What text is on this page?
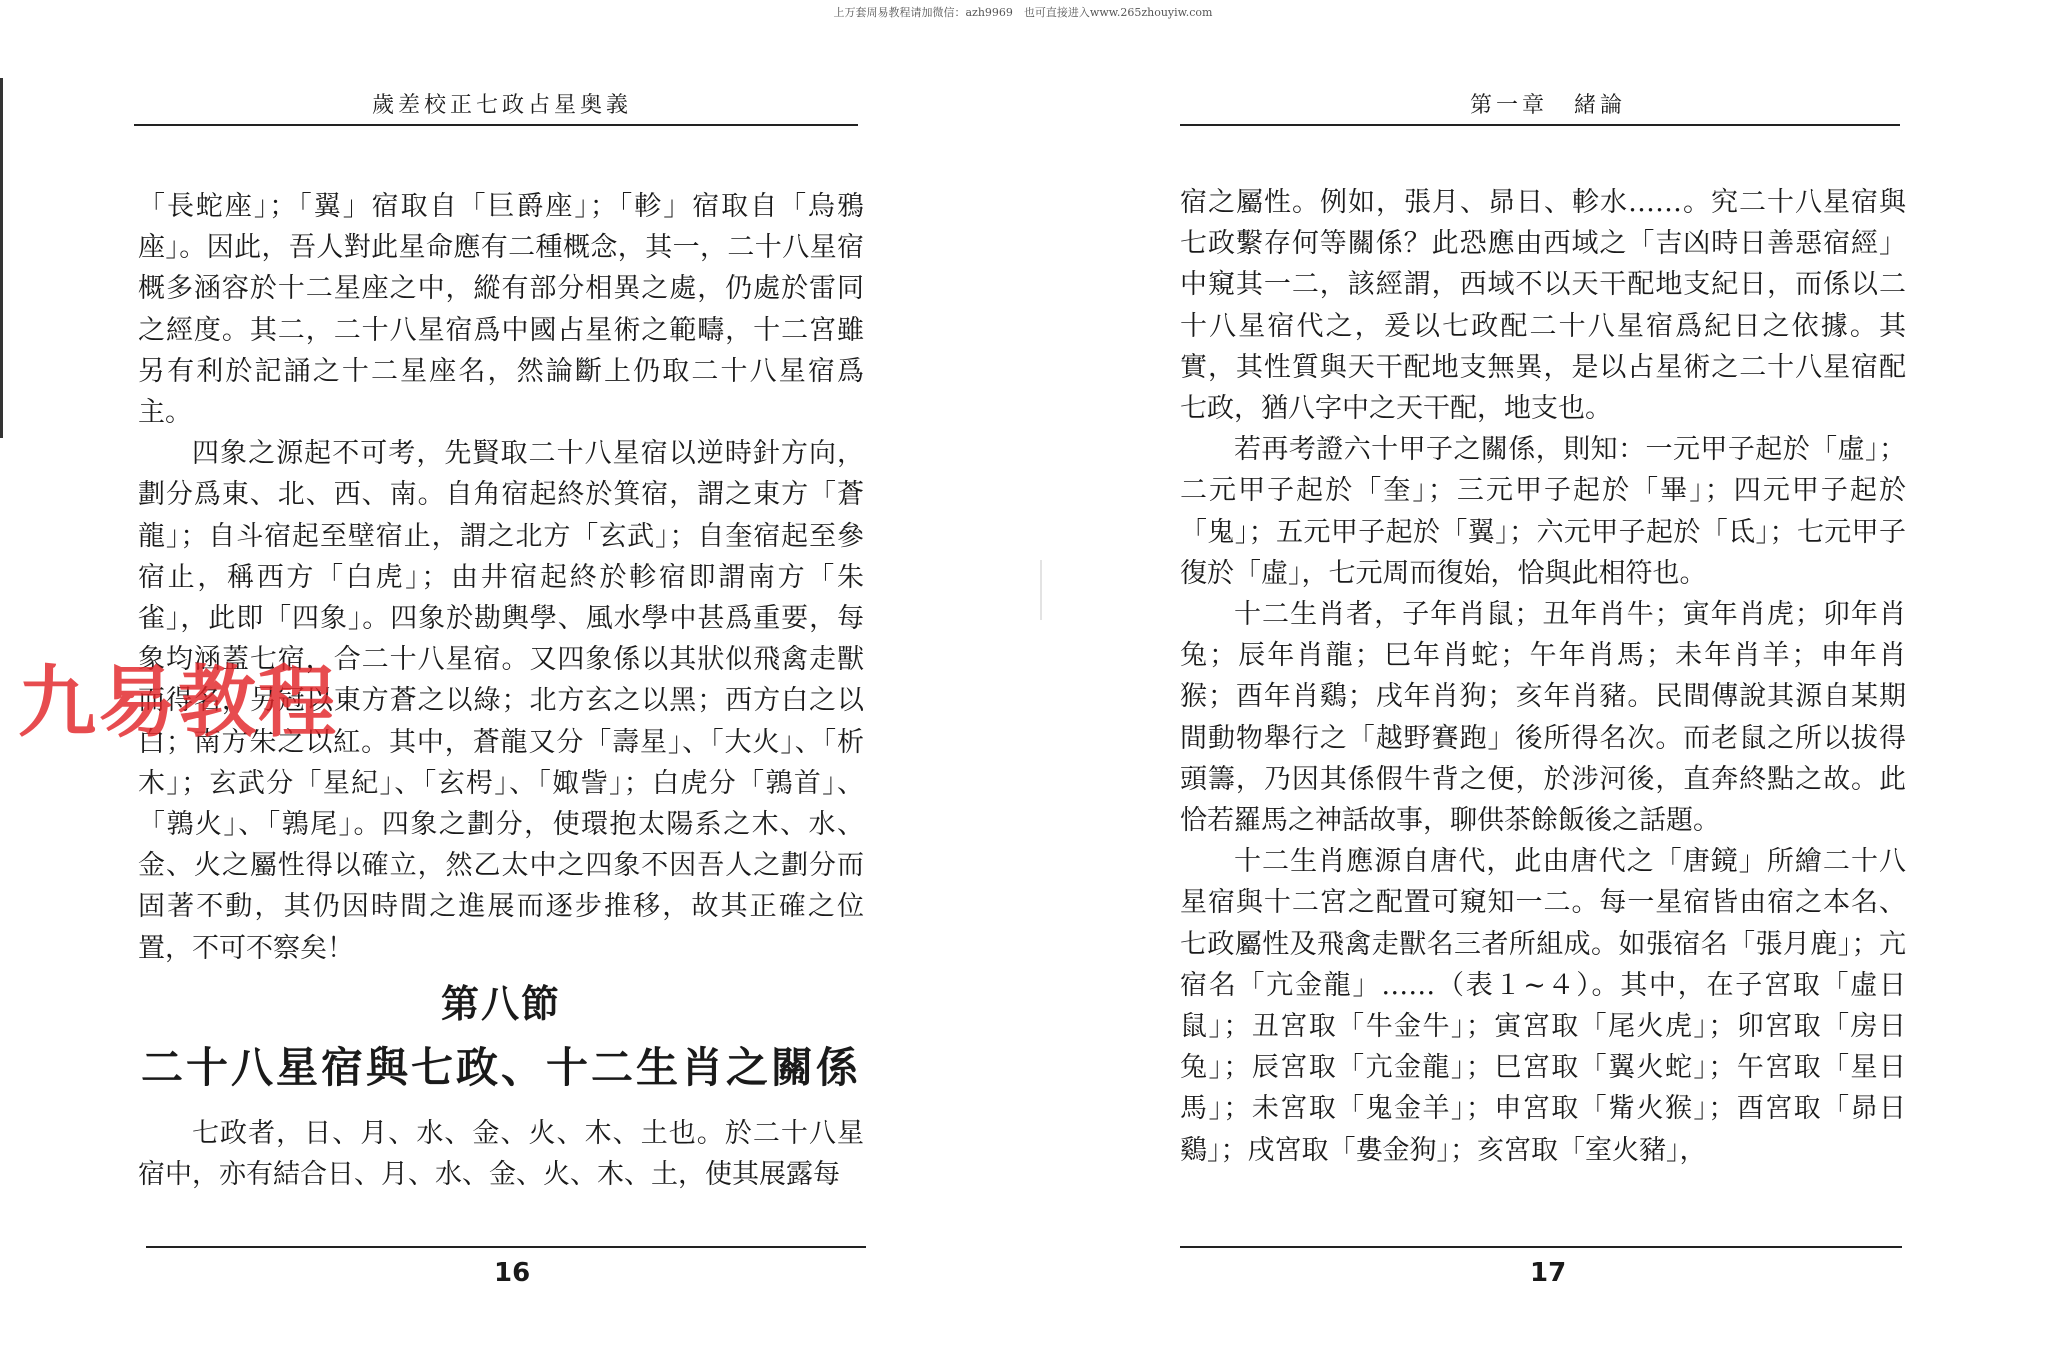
上万套周易教程请加微信：azh9969　也可直接进入www.265zhouyiw.com
歲差校正七政占星奥義

「長蛇座」；「翼」宿取自「巨爵座」；「軫」宿取自「烏鴉座」。因此，吾人對此星命應有二種概念，其一，二十八星宿概多涵容於十二星座之中，縱有部分相異之處，仍處於雷同之經度。其二，二十八星宿爲中國占星術之範疇，十二宮雖另有利於記誦之十二星座名，然論斷上仍取二十八星宿爲主。

四象之源起不可考，先賢取二十八星宿以逆時針方向，劃分爲東、北、西、南。自角宿起終於箕宿，謂之東方「蒼龍」；自斗宿起至壁宿止，謂之北方「玄武」；自奎宿起至參宿止，稱西方「白虎」；由井宿起終於軫宿即謂南方「朱雀」，此即「四象」。四象於勘輿學、風水學中甚爲重要，每象均涵蓋七宿，合二十八星宿。又四象係以其狀似飛禽走獸而得名，另冠以東方蒼之以綠；北方玄之以黑；西方白之以白；南方朱之以紅。其中，蒼龍又分「壽星」、「大火」、「析木」；玄武分「星紀」、「玄枵」、「娵訾」；白虎分「鶉首」、「鶉火」、「鶉尾」。四象之劃分，使環抱太陽系之木、水、金、火之屬性得以確立，然乙太中之四象不因吾人之劃分而固著不動，其仍因時間之進展而逐步推移，故其正確之位置，不可不察矣！

第八節
二十八星宿與七政、十二生肖之關係

七政者，日、月、水、金、火、木、土也。於二十八星宿中，亦有結合日、月、水、金、火、木、土，使其展露每

16
第一章　緒論

宿之屬性。例如，張月、昴日、軫水……。究二十八星宿與七政繫存何等關係？此恐應由西域之「吉凶時日善惡宿經」中窺其一二，該經謂，西域不以天干配地支紀日，而係以二十八星宿代之，爰以七政配二十八星宿爲紀日之依據。其實，其性質與天干配地支無異，是以占星術之二十八星宿配七政，猶八字中之天干配，地支也。

若再考證六十甲子之關係，則知：一元甲子起於「虛」；二元甲子起於「奎」；三元甲子起於「畢」；四元甲子起於「鬼」；五元甲子起於「翼」；六元甲子起於「氐」；七元甲子復於「虛」，七元周而復始，恰與此相符也。

十二生肖者，子年肖鼠；丑年肖牛；寅年肖虎；卯年肖兔；辰年肖龍；巳年肖蛇；午年肖馬；未年肖羊；申年肖猴；酉年肖鷄；戌年肖狗；亥年肖豬。民間傳說其源自某期間動物舉行之「越野賽跑」後所得名次。而老鼠之所以拔得頭籌，乃因其係假牛背之便，於涉河後，直奔終點之故。此恰若羅馬之神話故事，聊供茶餘飯後之話題。

十二生肖應源自唐代，此由唐代之「唐鏡」所繪二十八星宿與十二宮之配置可窺知一二。每一星宿皆由宿之本名、七政屬性及飛禽走獸名三者所組成。如張宿名「張月鹿」；亢宿名「亢金龍」……（表１∼４）。其中，在子宮取「虛日鼠」；丑宮取「牛金牛」；寅宮取「尾火虎」；卯宮取「房日兔」；辰宮取「亢金龍」；巳宮取「翼火蛇」；午宮取「星日馬」；未宮取「鬼金羊」；申宮取「觜火猴」；酉宮取「昴日鷄」；戌宮取「婁金狗」；亥宮取「室火豬」，

17
九易教程
